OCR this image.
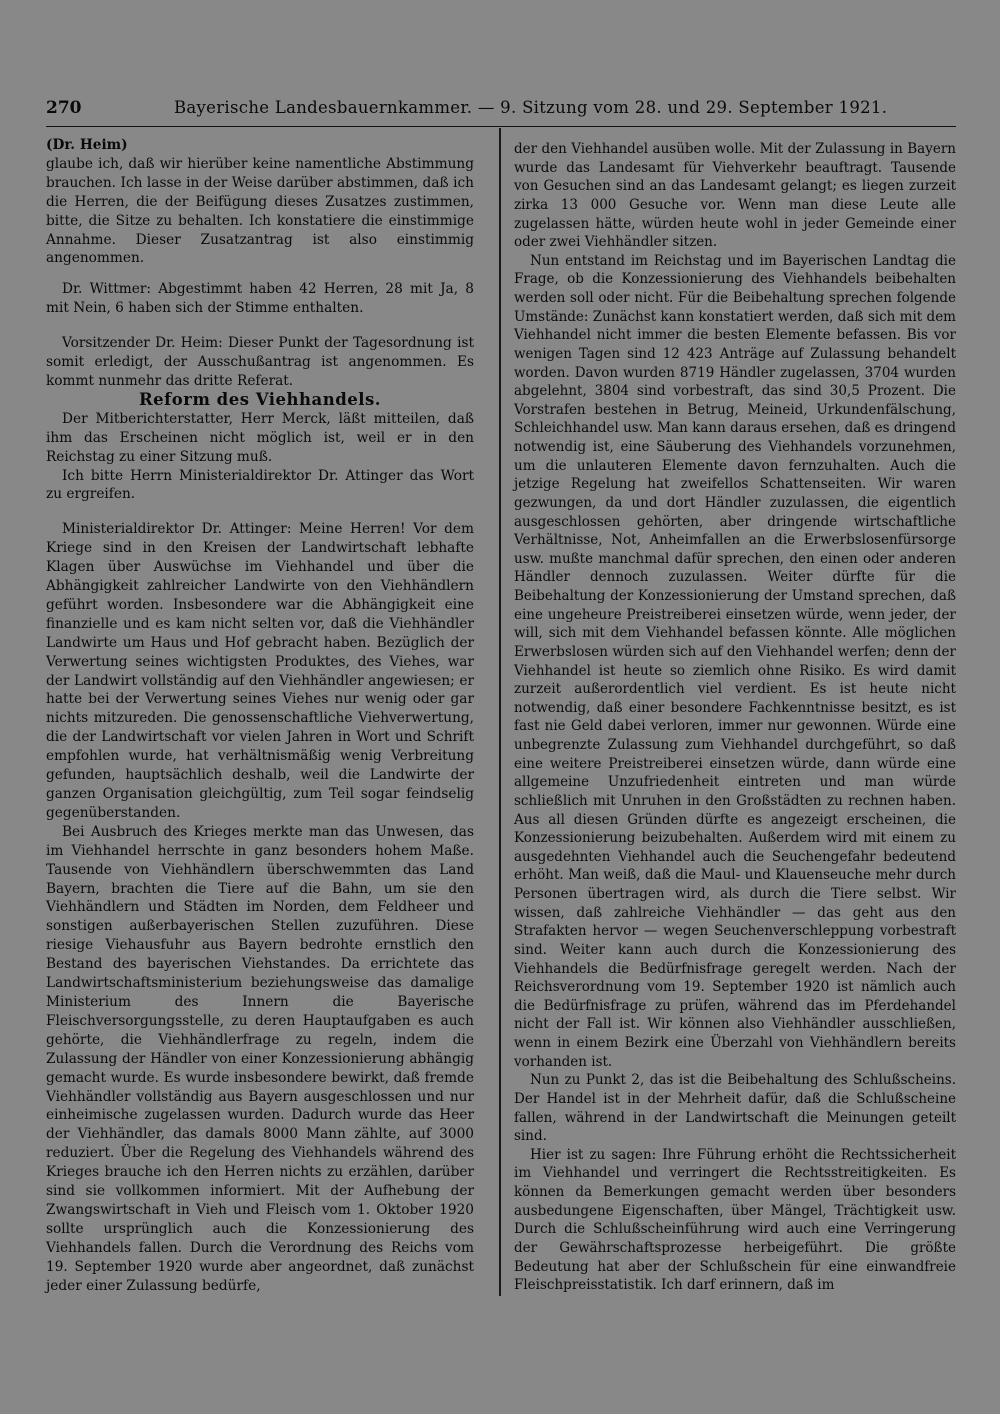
270	Bayerische Landesbauernkammer. — 9. Sitzung vom 28. und 29. September 1921.

(Dr. Heim)

glaube ich, daß wir hierüber keine namentliche Abstimmung brauchen. Ich lasse in der Weise darüber abstimmen, daß ich die Herren, die der Beifügung dieses Zusatzes zustimmen, bitte, die Sitze zu behalten. Ich konstatiere die einstimmige Annahme. Dieser Zusatzantrag ist also einstimmig angenommen.

Dr. Wittmer: Abgestimmt haben 42 Herren, 28 mit Ja, 8 mit Nein, 6 haben sich der Stimme enthalten.

Vorsitzender Dr. Heim: Dieser Punkt der Tagesordnung ist somit erledigt, der Ausschußantrag ist angenommen. Es kommt nunmehr das dritte Referat.

Reform des Viehhandels.

Der Mitberichterstatter, Herr Merck, läßt mitteilen, daß ihm das Erscheinen nicht möglich ist, weil er in den Reichstag zu einer Sitzung muß.

Ich bitte Herrn Ministerialdirektor Dr. Attinger das Wort zu ergreifen.

Ministerialdirektor Dr. Attinger: Meine Herren! Vor dem Kriege sind in den Kreisen der Landwirtschaft lebhafte Klagen über Auswüchse im Viehhandel und über die Abhängigkeit zahlreicher Landwirte von den Viehhändlern geführt worden. Insbesondere war die Abhängigkeit eine finanzielle und es kam nicht selten vor, daß die Viehhändler Landwirte um Haus und Hof gebracht haben. Bezüglich der Verwertung seines wichtigsten Produktes, des Viehes, war der Landwirt vollständig auf den Viehhändler angewiesen; er hatte bei der Verwertung seines Viehes nur wenig oder gar nichts mitzureden. Die genossenschaftliche Viehverwertung, die der Landwirtschaft vor vielen Jahren in Wort und Schrift empfohlen wurde, hat verhältnismäßig wenig Verbreitung gefunden, hauptsächlich deshalb, weil die Landwirte der ganzen Organisation gleichgültig, zum Teil sogar feindselig gegenüberstanden.

Bei Ausbruch des Krieges merkte man das Unwesen, das im Viehhandel herrschte in ganz besonders hohem Maße. Tausende von Viehhändlern überschwemmten das Land Bayern, brachten die Tiere auf die Bahn, um sie den Viehhändlern und Städten im Norden, dem Feldheer und sonstigen außerbayerischen Stellen zuzuführen. Diese riesige Viehausfuhr aus Bayern bedrohte ernstlich den Bestand des bayerischen Viehstandes. Da errichtete das Landwirtschaftsministerium beziehungsweise das damalige Ministerium des Innern die Bayerische Fleischversorgungsstelle, zu deren Hauptaufgaben es auch gehörte, die Viehhändlerfrage zu regeln, indem die Zulassung der Händler von einer Konzessionierung abhängig gemacht wurde. Es wurde insbesondere bewirkt, daß fremde Viehhändler vollständig aus Bayern ausgeschlossen und nur einheimische zugelassen wurden. Dadurch wurde das Heer der Viehhändler, das damals 8000 Mann zählte, auf 3000 reduziert. Über die Regelung des Viehhandels während des Krieges brauche ich den Herren nichts zu erzählen, darüber sind sie vollkommen informiert. Mit der Aufhebung der Zwangswirtschaft in Vieh und Fleisch vom 1. Oktober 1920 sollte ursprünglich auch die Konzessionierung des Viehhandels fallen. Durch die Verordnung des Reichs vom 19. September 1920 wurde aber angeordnet, daß zunächst jeder einer Zulassung bedürfe,

der den Viehhandel ausüben wolle. Mit der Zulassung in Bayern wurde das Landesamt für Viehverkehr beauftragt. Tausende von Gesuchen sind an das Landesamt gelangt; es liegen zurzeit zirka 13 000 Gesuche vor. Wenn man diese Leute alle zugelassen hätte, würden heute wohl in jeder Gemeinde einer oder zwei Viehhändler sitzen.

Nun entstand im Reichstag und im Bayerischen Landtag die Frage, ob die Konzessionierung des Viehhandels beibehalten werden soll oder nicht. Für die Beibehaltung sprechen folgende Umstände: Zunächst kann konstatiert werden, daß sich mit dem Viehhandel nicht immer die besten Elemente befassen. Bis vor wenigen Tagen sind 12 423 Anträge auf Zulassung behandelt worden. Davon wurden 8719 Händler zugelassen, 3704 wurden abgelehnt, 3804 sind vorbestraft, das sind 30,5 Prozent. Die Vorstrafen bestehen in Betrug, Meineid, Urkundenfälschung, Schleichhandel usw. Man kann daraus ersehen, daß es dringend notwendig ist, eine Säuberung des Viehhandels vorzunehmen, um die unlauteren Elemente davon fernzuhalten. Auch die jetzige Regelung hat zweifellos Schattenseiten. Wir waren gezwungen, da und dort Händler zuzulassen, die eigentlich ausgeschlossen gehörten, aber dringende wirtschaftliche Verhältnisse, Not, Anheimfallen an die Erwerbslosenfürsorge usw. mußte manchmal dafür sprechen, den einen oder anderen Händler dennoch zuzulassen. Weiter dürfte für die Beibehaltung der Konzessionierung der Umstand sprechen, daß eine ungeheure Preistreiberei einsetzen würde, wenn jeder, der will, sich mit dem Viehhandel befassen könnte. Alle möglichen Erwerbslosen würden sich auf den Viehhandel werfen; denn der Viehhandel ist heute so ziemlich ohne Risiko. Es wird damit zurzeit außerordentlich viel verdient. Es ist heute nicht notwendig, daß einer besondere Fachkenntnisse besitzt, es ist fast nie Geld dabei verloren, immer nur gewonnen. Würde eine unbegrenzte Zulassung zum Viehhandel durchgeführt, so daß eine weitere Preistreiberei einsetzen würde, dann würde eine allgemeine Unzufriedenheit eintreten und man würde schließlich mit Unruhen in den Großstädten zu rechnen haben. Aus all diesen Gründen dürfte es angezeigt erscheinen, die Konzessionierung beizubehalten. Außerdem wird mit einem zu ausgedehnten Viehhandel auch die Seuchengefahr bedeutend erhöht. Man weiß, daß die Maul- und Klauenseuche mehr durch Personen übertragen wird, als durch die Tiere selbst. Wir wissen, daß zahlreiche Viehhändler — das geht aus den Strafakten hervor — wegen Seuchenverschleppung vorbestraft sind. Weiter kann auch durch die Konzessionierung des Viehhandels die Bedürfnisfrage geregelt werden. Nach der Reichsverordnung vom 19. September 1920 ist nämlich auch die Bedürfnisfrage zu prüfen, während das im Pferdehandel nicht der Fall ist. Wir können also Viehhändler ausschließen, wenn in einem Bezirk eine Überzahl von Viehhändlern bereits vorhanden ist.

Nun zu Punkt 2, das ist die Beibehaltung des Schlußscheins. Der Handel ist in der Mehrheit dafür, daß die Schlußscheine fallen, während in der Landwirtschaft die Meinungen geteilt sind.

Hier ist zu sagen: Ihre Führung erhöht die Rechtssicherheit im Viehhandel und verringert die Rechtsstreitigkeiten. Es können da Bemerkungen gemacht werden über besonders ausbedungene Eigenschaften, über Mängel, Trächtigkeit usw. Durch die Schlußscheinführung wird auch eine Verringerung der Gewährschaftsprozesse herbeigeführt. Die größte Bedeutung hat aber der Schlußschein für eine einwandfreie Fleischpreisstatistik. Ich darf erinnern, daß im
